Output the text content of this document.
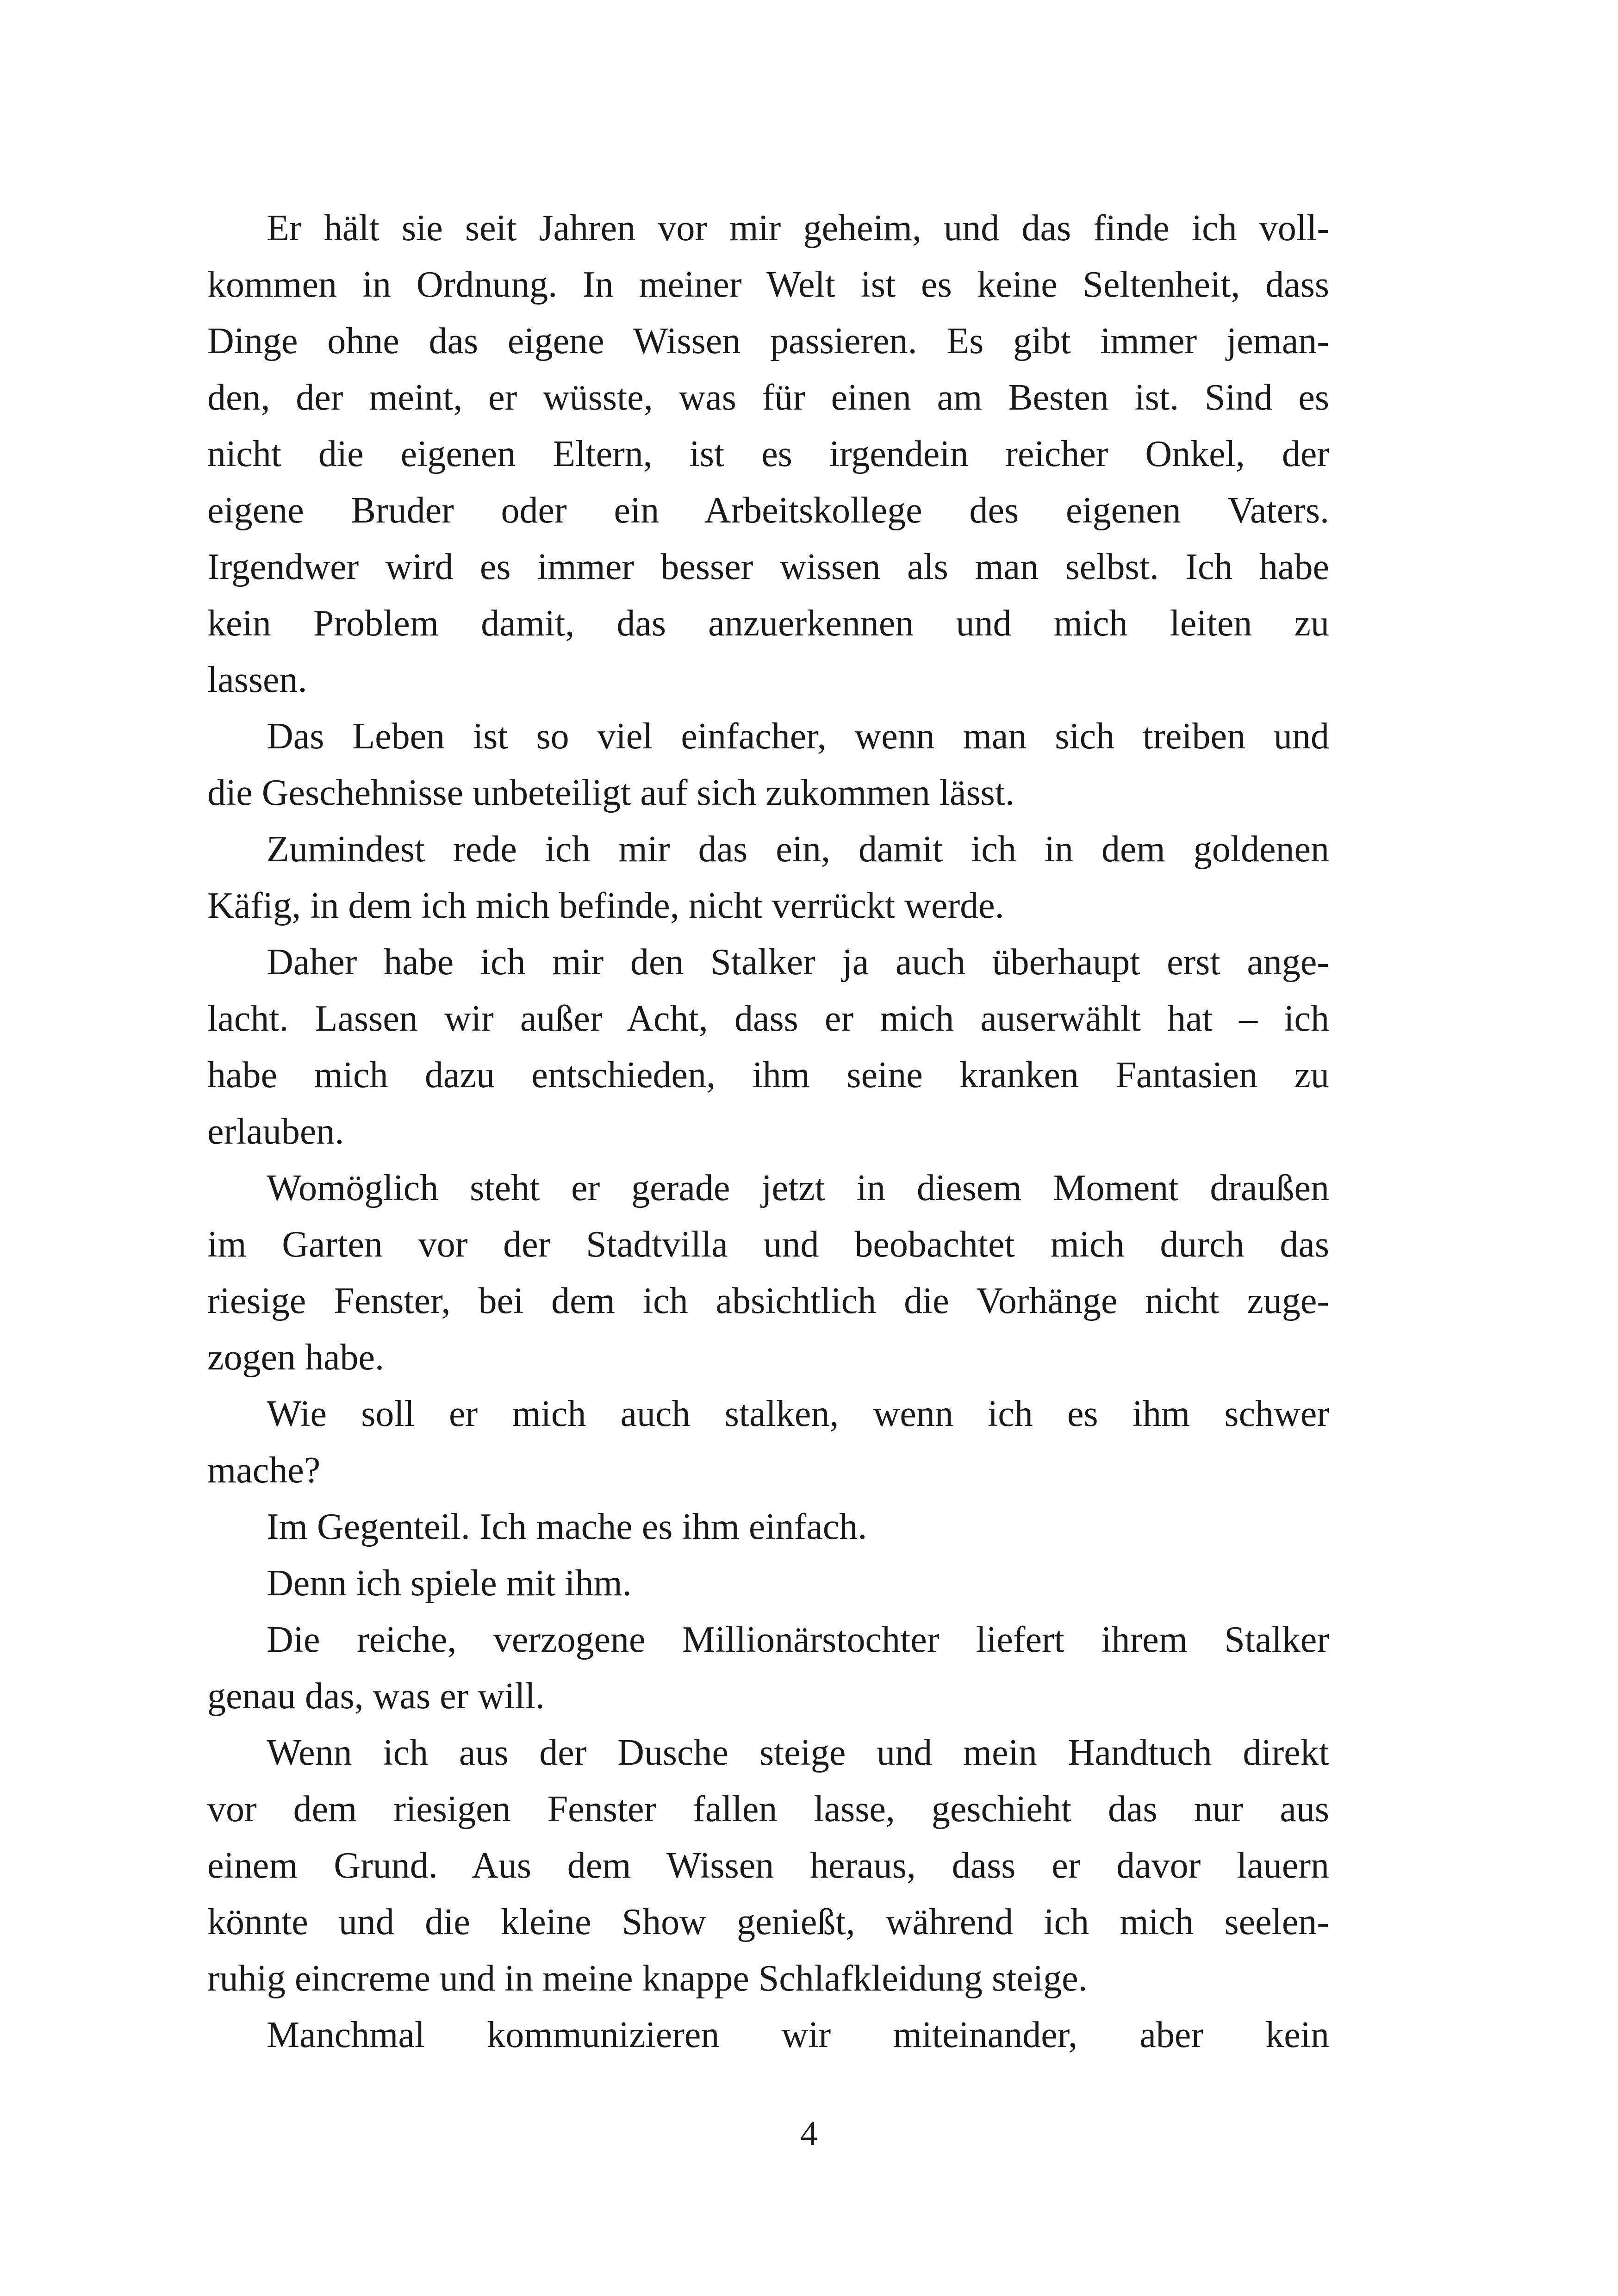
Er hält sie seit Jahren vor mir geheim, und das finde ich voll-
kommen in Ordnung. In meiner Welt ist es keine Seltenheit, dass
Dinge ohne das eigene Wissen passieren. Es gibt immer jeman-
den, der meint, er wüsste, was für einen am Besten ist. Sind es
nicht die eigenen Eltern, ist es irgendein reicher Onkel, der
eigene Bruder oder ein Arbeitskollege des eigenen Vaters.
Irgendwer wird es immer besser wissen als man selbst. Ich habe
kein Problem damit, das anzuerkennen und mich leiten zu
lassen.
Das Leben ist so viel einfacher, wenn man sich treiben und
die Geschehnisse unbeteiligt auf sich zukommen lässt.
Zumindest rede ich mir das ein, damit ich in dem goldenen
Käfig, in dem ich mich befinde, nicht verrückt werde.
Daher habe ich mir den Stalker ja auch überhaupt erst ange-
lacht. Lassen wir außer Acht, dass er mich auserwählt hat – ich
habe mich dazu entschieden, ihm seine kranken Fantasien zu
erlauben.
Womöglich steht er gerade jetzt in diesem Moment draußen
im Garten vor der Stadtvilla und beobachtet mich durch das
riesige Fenster, bei dem ich absichtlich die Vorhänge nicht zuge-
zogen habe.
Wie soll er mich auch stalken, wenn ich es ihm schwer
mache?
Im Gegenteil. Ich mache es ihm einfach.
Denn ich spiele mit ihm.
Die reiche, verzogene Millionärstochter liefert ihrem Stalker
genau das, was er will.
Wenn ich aus der Dusche steige und mein Handtuch direkt
vor dem riesigen Fenster fallen lasse, geschieht das nur aus
einem Grund. Aus dem Wissen heraus, dass er davor lauern
könnte und die kleine Show genießt, während ich mich seelen-
ruhig eincreme und in meine knappe Schlafkleidung steige.
Manchmal kommunizieren wir miteinander, aber kein
4
